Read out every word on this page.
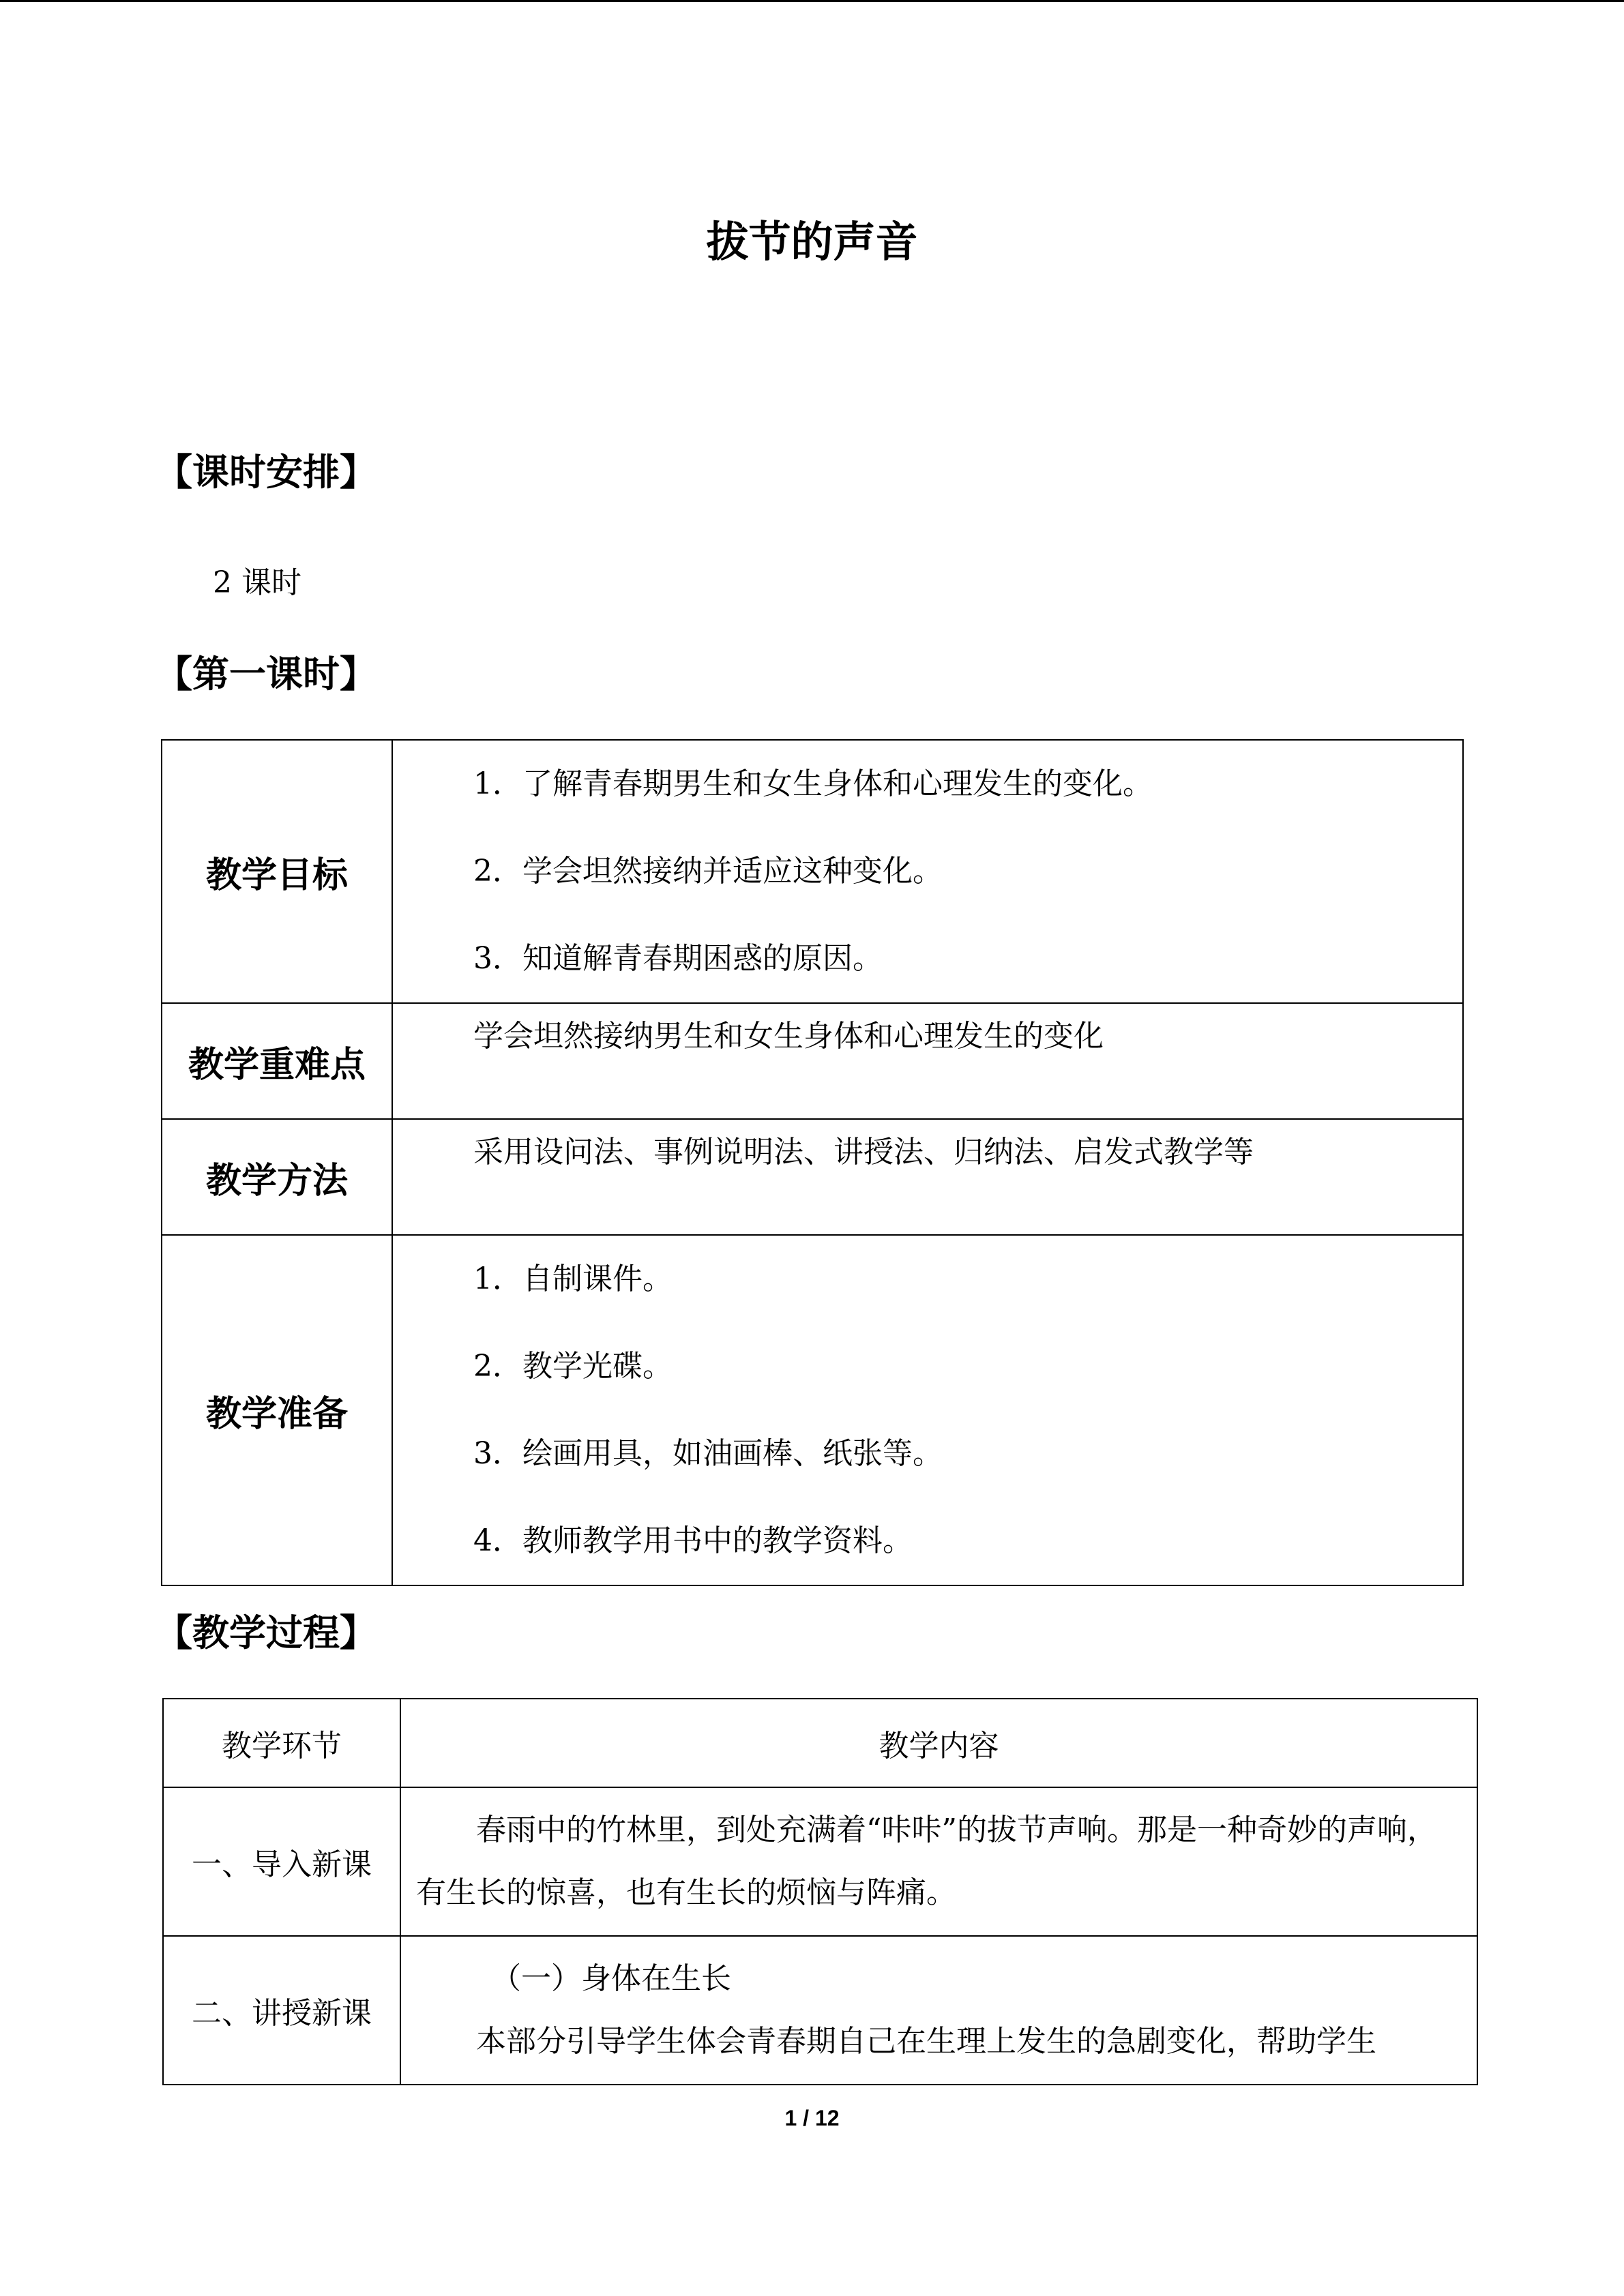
拔节的声音
【课时安排】
2 课时
【第一课时】
教学目标	1．了解青春期男生和女生身体和心理发生的变化。
2．学会坦然接纳并适应这种变化。
3．知道解青春期困惑的原因。

教学重难点	学会坦然接纳男生和女生身体和心理发生的变化
教学方法	采用设问法、事例说明法、讲授法、归纳法、启发式教学等
教学准备	1．自制课件。
2．教学光碟。
3．绘画用具，如油画棒、纸张等。
4．教师教学用书中的教学资料。
【教学过程】
教学环节	教学内容
一、导入新课	春雨中的竹林里，到处充满着“咔咔”的拔节声响。那是一种奇妙的声响，有生长的惊喜，也有生长的烦恼与阵痛。

二、讲授新课	（一）身体在生长
本部分引导学生体会青春期自己在生理上发生的急剧变化，帮助学生
1 / 12
